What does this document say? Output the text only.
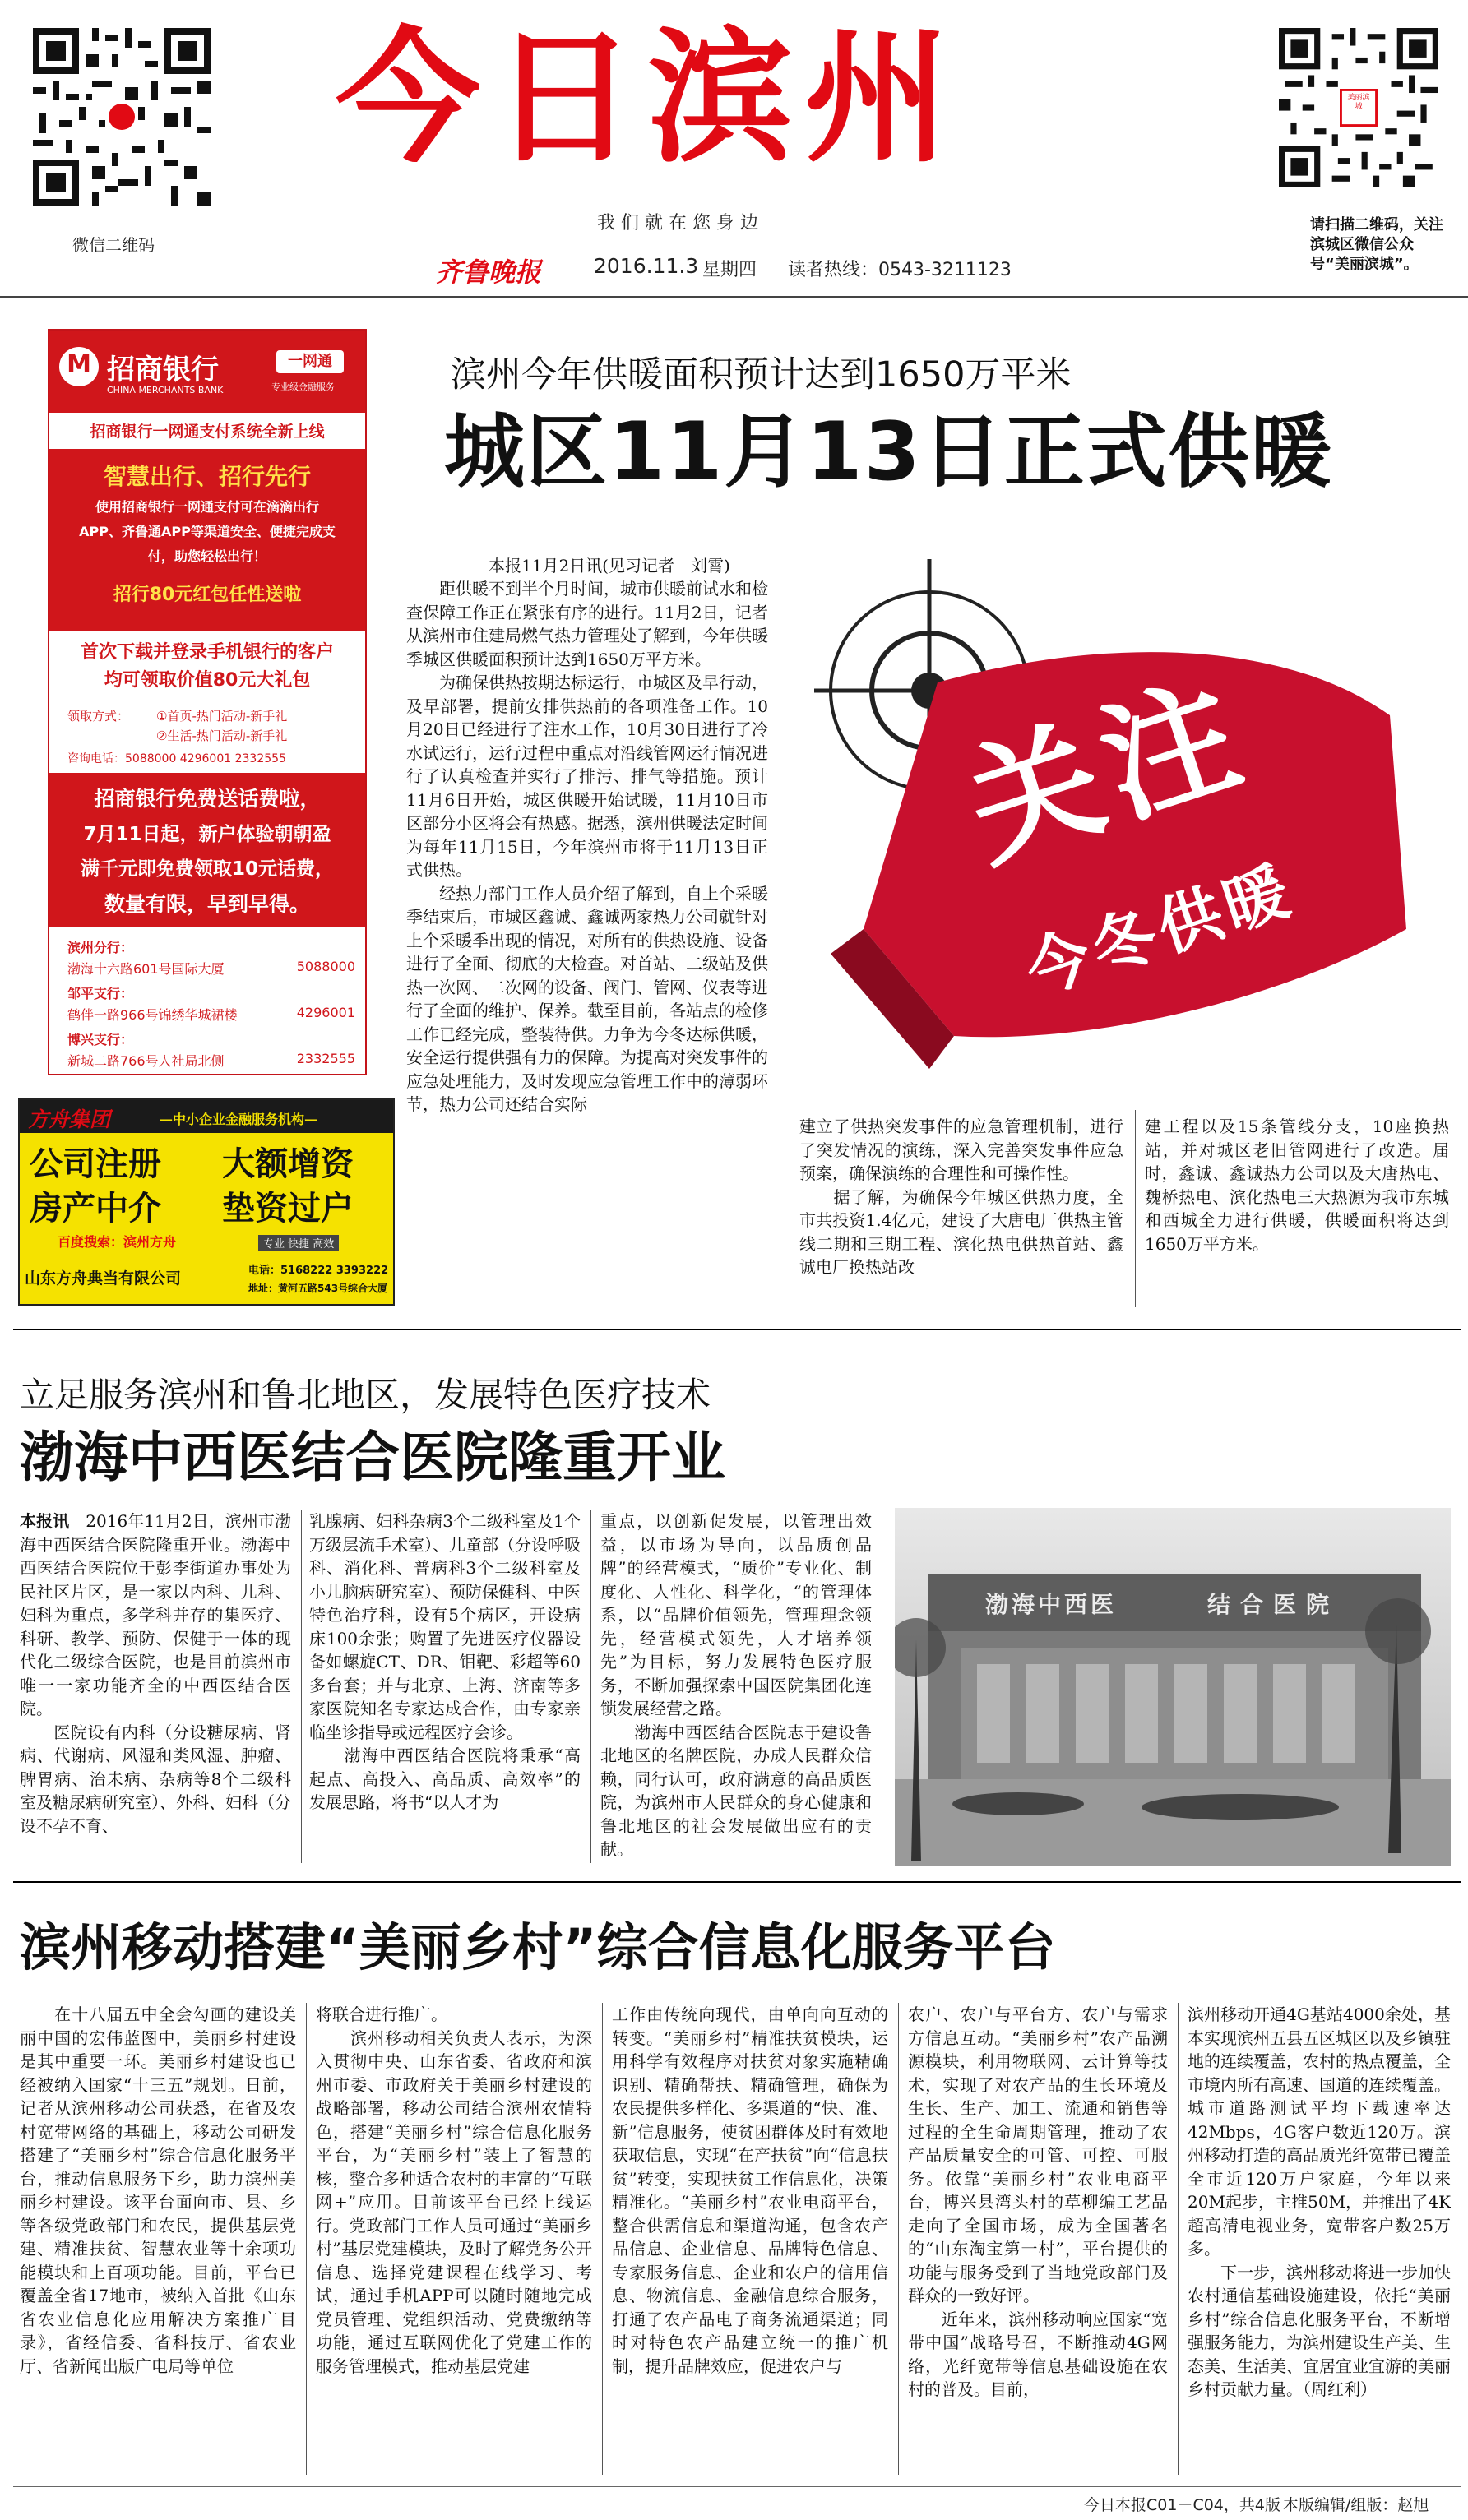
微信二维码
今日滨州
我 们 就 在 您 身 边
齐鲁晚报	2016.11.3 星期四 读者热线：0543-3211123
美丽滨城
请扫描二维码，关注滨城区微信公众号“美丽滨城”。
M 招商银行
CHINA MERCHANTS BANK
一网通
专业级金融服务
招商银行一网通支付系统全新上线
智慧出行、招行先行
使用招商银行一网通支付可在滴滴出行APP、齐鲁通APP等渠道安全、便捷完成支付，助您轻松出行！
招行80元红包任性送啦
首次下载并登录手机银行的客户
均可领取价值80元大礼包
领取方式： ①首页-热门活动-新手礼
②生活-热门活动-新手礼
咨询电话：5088000 4296001 2332555
招商银行免费送话费啦，
7月11日起，新户体验朝朝盈
满千元即免费领取10元话费，
数量有限，早到早得。
滨州分行：
渤海十六路601号国际大厦	5088000
邹平支行：
鹤伴一路966号锦绣华城裙楼	4296001
博兴支行：
新城二路766号人社局北侧	2332555
方舟集团	—中小企业金融服务机构—
公司注册 大额增资
房产中介 垫资过户
百度搜索：滨州方舟	专业 快捷 高效
山东方舟典当有限公司	电话：5168222 3393222
地址：黄河五路543号综合大厦
滨州今年供暖面积预计达到1650万平米
城区11月13日正式供暖
本报11月2日讯(见习记者　刘霄)
关注
今冬供暖
　　距供暖不到半个月时间，城市供暖前试水和检查保障工作正在紧张有序的进行。11月2日，记者从滨州市住建局燃气热力管理处了解到，今年供暖季城区供暖面积预计达到1650万平方米。
　　为确保供热按期达标运行，市城区及早行动，及早部署，提前安排供热前的各项准备工作。10月20日已经进行了注水工作，10月30日进行了冷水试运行，运行过程中重点对沿线管网运行情况进行了认真检查并实行了排污、排气等措施。预计11月6日开始，城区供暖开始试暖，11月10日市区部分小区将会有热感。据悉，滨州供暖法定时间为每年11月15日，今年滨州市将于11月13日正式供热。
　　经热力部门工作人员介绍了解到，自上个采暖季结束后，市城区鑫诚、鑫诚两家热力公司就针对上个采暖季出现的情况，对所有的供热设施、设备进行了全面、彻底的大检查。对首站、二级站及供热一次网、二次网的设备、阀门、管网、仪表等进行了全面的维护、保养。截至目前，各站点的检修工作已经完成，整装待供。力争为今冬达标供暖，安全运行提供强有力的保障。为提高对突发事件的应急处理能力，及时发现应急管理工作中的薄弱环节，热力公司还结合实际
建立了供热突发事件的应急管理机制，进行了突发情况的演练，深入完善突发事件应急预案，确保演练的合理性和可操作性。
　　据了解，为确保今年城区供热力度，全市共投资1.4亿元，建设了大唐电厂供热主管线二期和三期工程、滨化热电供热首站、鑫诚电厂换热站改
建工程以及15条管线分支，10座换热站，并对城区老旧管网进行了改造。届时，鑫诚、鑫诚热力公司以及大唐热电、魏桥热电、滨化热电三大热源为我市东城和西城全力进行供暖，供暖面积将达到1650万平方米。
立足服务滨州和鲁北地区，发展特色医疗技术
渤海中西医结合医院隆重开业
本报讯　2016年11月2日，滨州市渤海中西医结合医院隆重开业。渤海中西医结合医院位于彭李街道办事处为民社区片区，是一家以内科、儿科、妇科为重点，多学科并存的集医疗、科研、教学、预防、保健于一体的现代化二级综合医院，也是目前滨州市唯一一家功能齐全的中西医结合医院。
　　医院设有内科（分设糖尿病、肾病、代谢病、风湿和类风湿、肿瘤、脾胃病、治未病、杂病等8个二级科室及糖尿病研究室）、外科、妇科（分设不孕不育、
乳腺病、妇科杂病3个二级科室及1个万级层流手术室）、儿童部（分设呼吸科、消化科、普病科3个二级科室及小儿脑病研究室）、预防保健科、中医特色治疗科，设有5个病区，开设病床100余张；购置了先进医疗仪器设备如螺旋CT、DR、钼靶、彩超等60多台套；并与北京、上海、济南等多家医院知名专家达成合作，由专家亲临坐诊指导或远程医疗会诊。
　　渤海中西医结合医院将秉承“高起点、高投入、高品质、高效率”的发展思路，将书“以人才为
重点，以创新促发展，以管理出效益，以市场为导向，以品质创品牌”的经营模式，“质价”专业化、制度化、人性化、科学化，“的管理体系，以“品牌价值领先，管理理念领先，经营模式领先，人才培养领先”为目标，努力发展特色医疗服务，不断加强探索中国医院集团化连锁发展经营之路。
　　渤海中西医结合医院志于建设鲁北地区的名牌医院，办成人民群众信赖，同行认可，政府满意的高品质医院，为滨州市人民群众的身心健康和鲁北地区的社会发展做出应有的贡献。
渤海中西医	结合医院
滨州移动搭建“美丽乡村”综合信息化服务平台
　　在十八届五中全会勾画的建设美丽中国的宏伟蓝图中，美丽乡村建设是其中重要一环。美丽乡村建设也已经被纳入国家“十三五”规划。日前，记者从滨州移动公司获悉，在省及农村宽带网络的基础上，移动公司研发搭建了“美丽乡村”综合信息化服务平台，推动信息服务下乡，助力滨州美丽乡村建设。该平台面向市、县、乡等各级党政部门和农民，提供基层党建、精准扶贫、智慧农业等十余项功能模块和上百项功能。目前，平台已覆盖全省17地市，被纳入首批《山东省农业信息化应用解决方案推广目录》，省经信委、省科技厅、省农业厅、省新闻出版广电局等单位
将联合进行推广。
　　滨州移动相关负责人表示，为深入贯彻中央、山东省委、省政府和滨州市委、市政府关于美丽乡村建设的战略部署，移动公司结合滨州农情特色，搭建“美丽乡村”综合信息化服务平台，为“美丽乡村”装上了智慧的核，整合多种适合农村的丰富的“互联网+”应用。目前该平台已经上线运行。党政部门工作人员可通过“美丽乡村”基层党建模块，及时了解党务公开信息、选择党建课程在线学习、考试，通过手机APP可以随时随地完成党员管理、党组织活动、党费缴纳等功能，通过互联网优化了党建工作的服务管理模式，推动基层党建
工作由传统向现代，由单向向互动的转变。“美丽乡村”精准扶贫模块，运用科学有效程序对扶贫对象实施精确识别、精确帮扶、精确管理，确保为农民提供多样化、多渠道的“快、准、新”信息服务，使贫困群体及时有效地获取信息，实现“在产扶贫”向“信息扶贫”转变，实现扶贫工作信息化，决策精准化。“美丽乡村”农业电商平台，整合供需信息和渠道沟通，包含农产品信息、企业信息、品牌特色信息、专家服务信息、企业和农户的信用信息、物流信息、金融信息综合服务，打通了农产品电子商务流通渠道；同时对特色农产品建立统一的推广机制，提升品牌效应，促进农户与
农户、农户与平台方、农户与需求方信息互动。“美丽乡村”农产品溯源模块，利用物联网、云计算等技术，实现了对农产品的生长环境及生长、生产、加工、流通和销售等过程的全生命周期管理，推动了农产品质量安全的可管、可控、可服务。依靠“美丽乡村”农业电商平台，博兴县湾头村的草柳编工艺品走向了全国市场，成为全国著名的“山东淘宝第一村”，平台提供的功能与服务受到了当地党政部门及群众的一致好评。
　　近年来，滨州移动响应国家“宽带中国”战略号召，不断推动4G网络，光纤宽带等信息基础设施在农村的普及。目前，
滨州移动开通4G基站4000余处，基本实现滨州五县五区城区以及乡镇驻地的连续覆盖，农村的热点覆盖，全市境内所有高速、国道的连续覆盖。城市道路测试平均下载速率达42Mbps，4G客户数近120万。滨州移动打造的高品质光纤宽带已覆盖全市近120万户家庭，今年以来20M起步，主推50M，并推出了4K超高清电视业务，宽带客户数25万多。
　　下一步，滨州移动将进一步加快农村通信基础设施建设，依托“美丽乡村”综合信息化服务平台，不断增强服务能力，为滨州建设生产美、生态美、生活美、宜居宜业宜游的美丽乡村贡献力量。（周红利）
今日本报C01－C04，共4版 本版编辑/组版：赵旭
